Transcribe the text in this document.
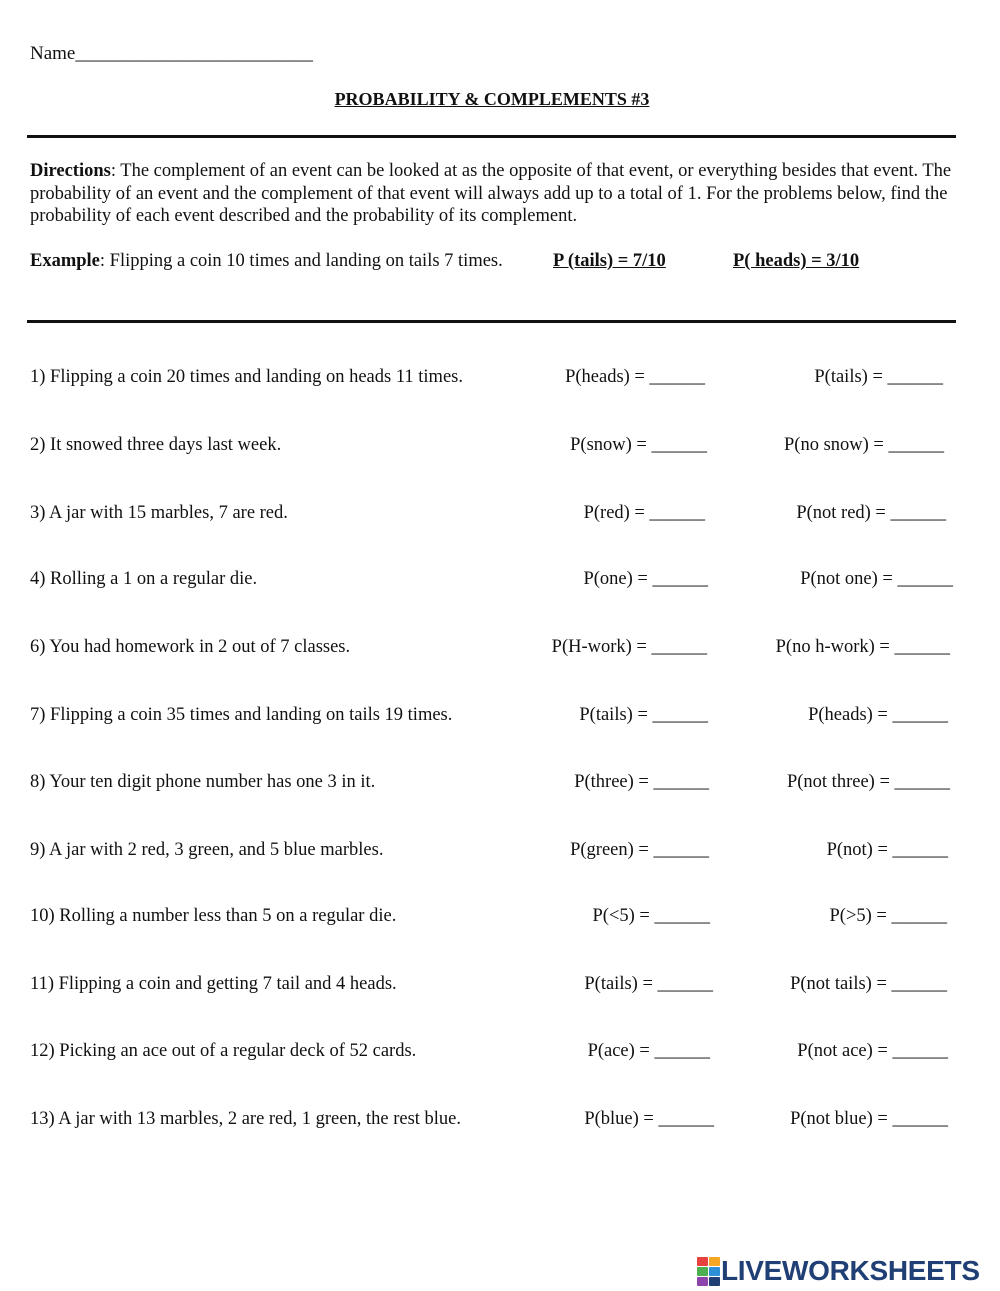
Name_________________________
PROBABILITY & COMPLEMENTS #3
Directions: The complement of an event can be looked at as the opposite of that event, or everything besides that event. The probability of an event and the complement of that event will always add up to a total of 1. For the problems below, find the probability of each event described and the probability of its complement.
Example: Flipping a coin 10 times and landing on tails 7 times.	P (tails) = 7/10	P( heads) = 3/10
1) Flipping a coin 20 times and landing on heads 11 times.	P(heads) = ______	P(tails) = ______
2) It snowed three days last week.	P(snow) = ______	P(no snow) = ______
3) A jar with 15 marbles, 7 are red.	P(red) = ______	P(not red) = ______
4) Rolling a 1 on a regular die.	P(one) = ______	P(not one) = ______
6) You had homework in 2 out of 7 classes.	P(H-work) = ______	P(no h-work) = ______
7) Flipping a coin 35 times and landing on tails 19 times.	P(tails) = ______	P(heads) = ______
8) Your ten digit phone number has one 3 in it.	P(three) = ______	P(not three) = ______
9) A jar with 2 red, 3 green, and 5 blue marbles.	P(green) = ______	P(not) = ______
10) Rolling a number less than 5 on a regular die.	P(<5) = ______	P(>5) = ______
11) Flipping a coin and getting 7 tail and 4 heads.	P(tails) = ______	P(not tails) = ______
12) Picking an ace out of a regular deck of 52 cards.	P(ace) = ______	P(not ace) = ______
13) A jar with 13 marbles, 2 are red, 1 green, the rest blue.	P(blue) = ______	P(not blue) = ______
LIVEWORKSHEETS
